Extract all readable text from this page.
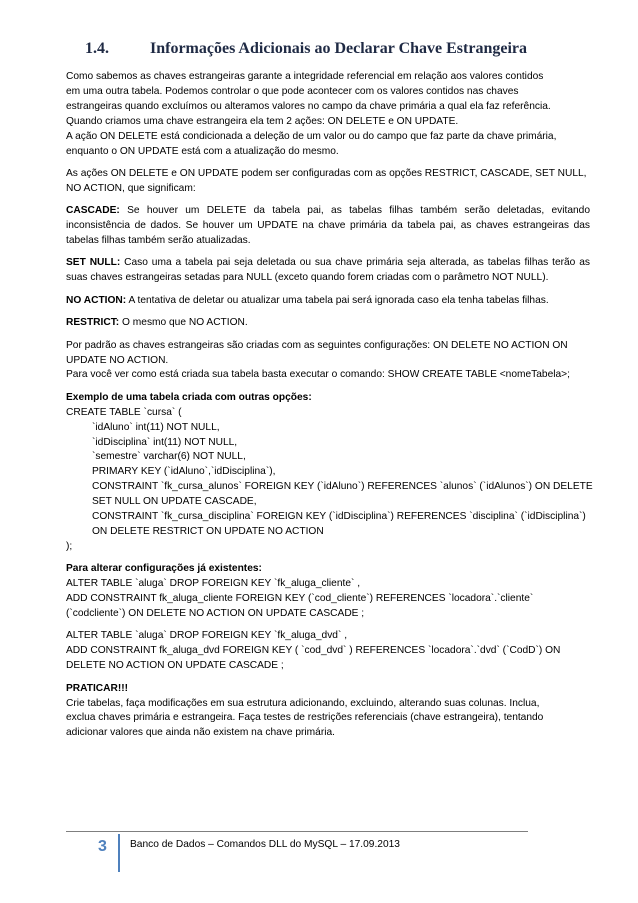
1.4.	Informações Adicionais ao Declarar Chave Estrangeira
Como sabemos as chaves estrangeiras garante a integridade referencial em relação aos valores contidos
em uma outra tabela. Podemos controlar o que pode acontecer com os valores contidos nas chaves
estrangeiras quando excluímos ou alteramos valores no campo da chave primária a qual ela faz referência.
Quando criamos uma chave estrangeira ela tem 2 ações: ON DELETE e ON UPDATE.
A ação ON DELETE está condicionada a deleção de um valor ou do campo que faz parte da chave primária,
enquanto o ON UPDATE está com a atualização do mesmo.
As ações ON DELETE e ON UPDATE podem ser configuradas com as opções RESTRICT, CASCADE, SET NULL,
NO ACTION, que significam:
CASCADE: Se houver um DELETE da tabela pai, as tabelas filhas também serão deletadas, evitando
inconsistência de dados. Se houver um UPDATE na chave primária da tabela pai, as chaves estrangeiras das
tabelas filhas também serão atualizadas.
SET NULL: Caso uma a tabela pai seja deletada ou sua chave primária seja alterada, as tabelas filhas terão as
suas chaves estrangeiras setadas para NULL (exceto quando forem criadas com o parâmetro NOT NULL).
NO ACTION: A tentativa de deletar ou atualizar uma tabela pai será ignorada caso ela tenha tabelas filhas.
RESTRICT: O mesmo que NO ACTION.
Por padrão as chaves estrangeiras são criadas com as seguintes configurações: ON DELETE NO ACTION ON
UPDATE NO ACTION.
Para você ver como está criada sua tabela basta executar o comando: SHOW CREATE TABLE <nomeTabela>;
Exemplo de uma tabela criada com outras opções:
CREATE TABLE `cursa` (
`idAluno` int(11) NOT NULL,
`idDisciplina` int(11) NOT NULL,
`semestre` varchar(6) NOT NULL,
PRIMARY KEY (`idAluno`,`idDisciplina`),
CONSTRAINT `fk_cursa_alunos` FOREIGN KEY (`idAluno`) REFERENCES `alunos` (`idAlunos`) ON DELETE
SET NULL ON UPDATE CASCADE,
CONSTRAINT `fk_cursa_disciplina` FOREIGN KEY (`idDisciplina`) REFERENCES `disciplina` (`idDisciplina`)
ON DELETE RESTRICT ON UPDATE NO ACTION
);
Para alterar configurações já existentes:
ALTER TABLE `aluga` DROP FOREIGN KEY `fk_aluga_cliente` ,
ADD CONSTRAINT fk_aluga_cliente FOREIGN KEY (`cod_cliente`) REFERENCES `locadora`.`cliente`
(`codcliente`) ON DELETE NO ACTION ON UPDATE CASCADE ;
ALTER TABLE `aluga` DROP FOREIGN KEY `fk_aluga_dvd` ,
ADD CONSTRAINT fk_aluga_dvd FOREIGN KEY ( `cod_dvd` ) REFERENCES `locadora`.`dvd` (`CodD`) ON
DELETE NO ACTION ON UPDATE CASCADE ;
PRATICAR!!!
Crie tabelas, faça modificações em sua estrutura adicionando, excluindo, alterando suas colunas. Inclua,
exclua chaves primária e estrangeira. Faça testes de restrições referenciais (chave estrangeira), tentando
adicionar valores que ainda não existem na chave primária.
3 Banco de Dados – Comandos DLL do MySQL – 17.09.2013
